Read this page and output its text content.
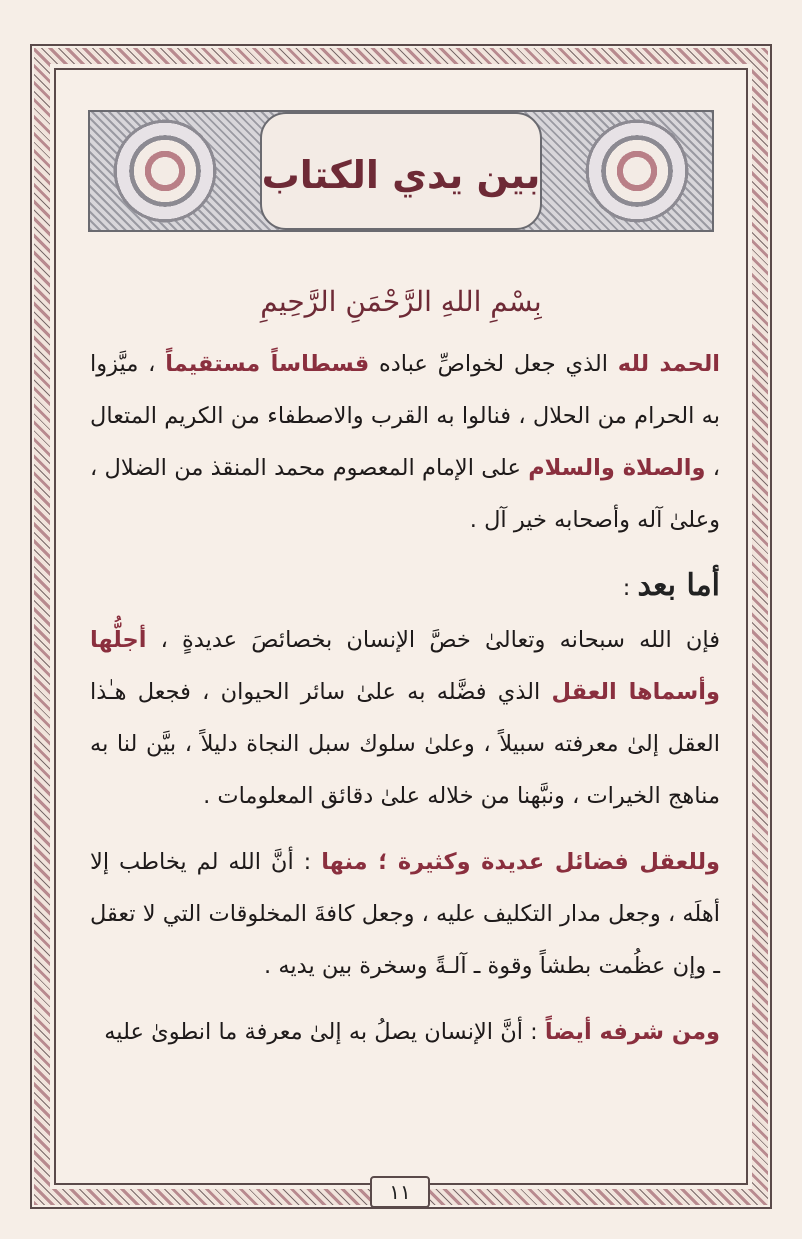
بين يدي الكتاب
بِسْمِ اللهِ الرَّحْمَنِ الرَّحِيمِ

الحمد لله الذي جعل لخواصِّ عباده قسطاساً مستقيماً ، ميَّزوا به الحرام من الحلال ، فنالوا به القرب والاصطفاء من الكريم المتعال ، والصلاة والسلام على الإمام المعصوم محمد المنقذ من الضلال ، وعلىٰ آله وأصحابه خير آل .

أما بعد :

فإن الله سبحانه وتعالىٰ خصَّ الإنسان بخصائصَ عديدةٍ ، أجلُّها وأسماها العقل الذي فضَّله به علىٰ سائر الحيوان ، فجعل هـٰذا العقل إلىٰ معرفته سبيلاً ، وعلىٰ سلوك سبل النجاة دليلاً ، بيَّن لنا به مناهج الخيرات ، ونبَّهنا من خلاله علىٰ دقائق المعلومات .

وللعقل فضائل عديدة وكثيرة ؛ منها : أنَّ الله لم يخاطب إلا أهلَه ، وجعل مدار التكليف عليه ، وجعل كافةَ المخلوقات التي لا تعقل ـ وإن عظُمت بطشاً وقوة ـ آلـةً وسخرة بين يديه .

ومن شرفه أيضاً : أنَّ الإنسان يصلُ به إلىٰ معرفة ما انطوىٰ عليه

١١
